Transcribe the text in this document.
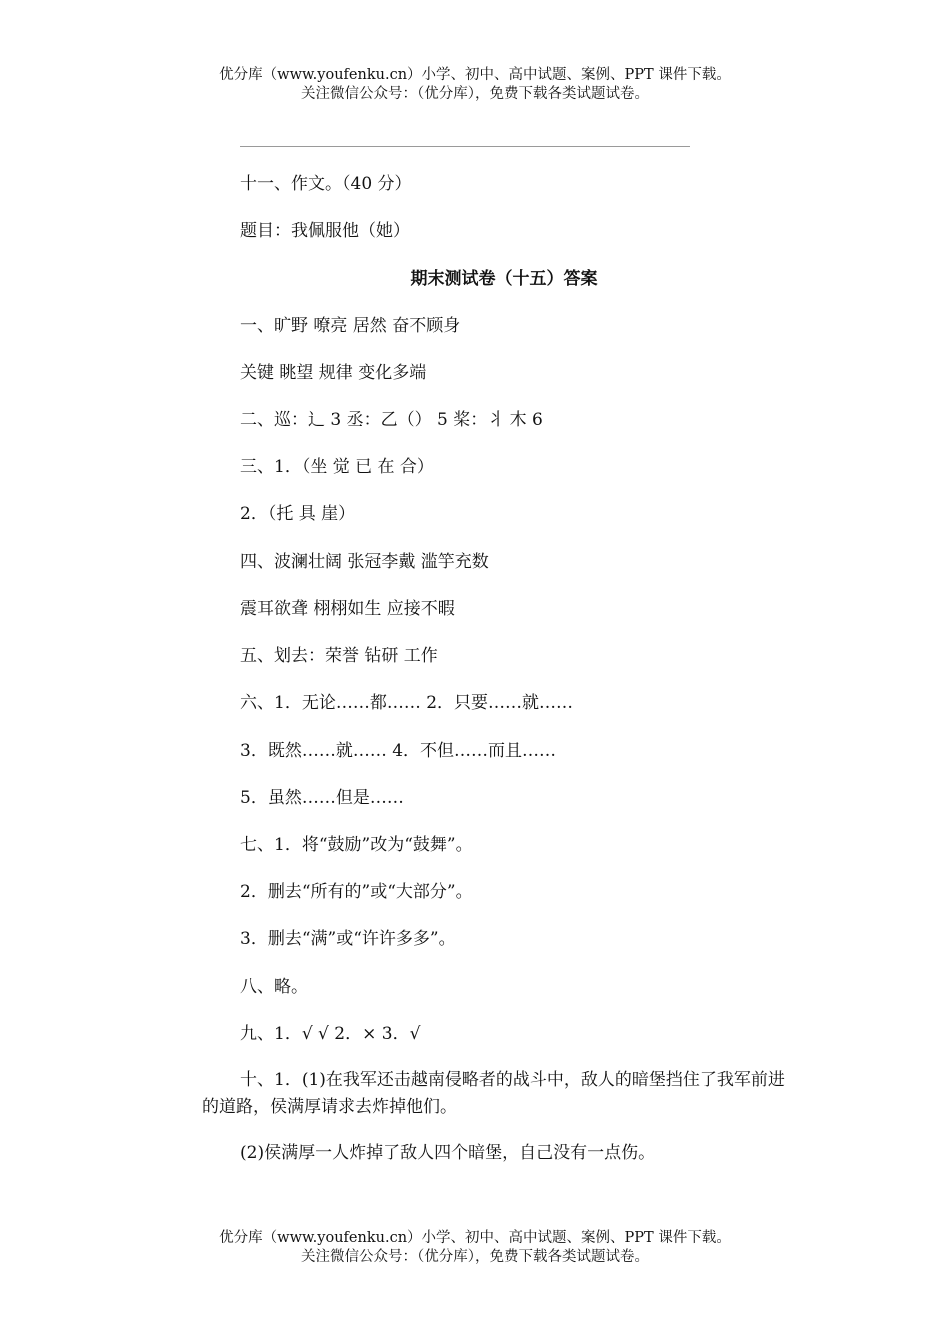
优分库（www.youfenku.cn）小学、初中、高中试题、案例、PPT 课件下载。
关注微信公众号：（优分库），免费下载各类试题试卷。
十一、作文。（40 分）
题目：我佩服他（她）
期末测试卷（十五）答案
一、旷野 嘹亮 居然 奋不顾身
关键 眺望 规律 变化多端
二、巡：辶 3 丞：乙（） 5 桨：丬 木 6
三、1．（坐 觉 已 在 合）
2．（托 具 崖）
四、波澜壮阔 张冠李戴 滥竽充数
震耳欲聋 栩栩如生 应接不暇
五、划去：荣誉 钻研 工作
六、1．无论……都…… 2．只要……就……
3．既然……就…… 4．不但……而且……
5．虽然……但是……
七、1．将“鼓励”改为“鼓舞”。
2．删去“所有的”或“大部分”。
3．删去“满”或“许许多多”。
八、略。
九、1．√ √ 2．× 3．√
十、1．(1)在我军还击越南侵略者的战斗中，敌人的暗堡挡住了我军前进的道路，侯满厚请求去炸掉他们。
(2)侯满厚一人炸掉了敌人四个暗堡，自己没有一点伤。
优分库（www.youfenku.cn）小学、初中、高中试题、案例、PPT 课件下载。
关注微信公众号：（优分库），免费下载各类试题试卷。
